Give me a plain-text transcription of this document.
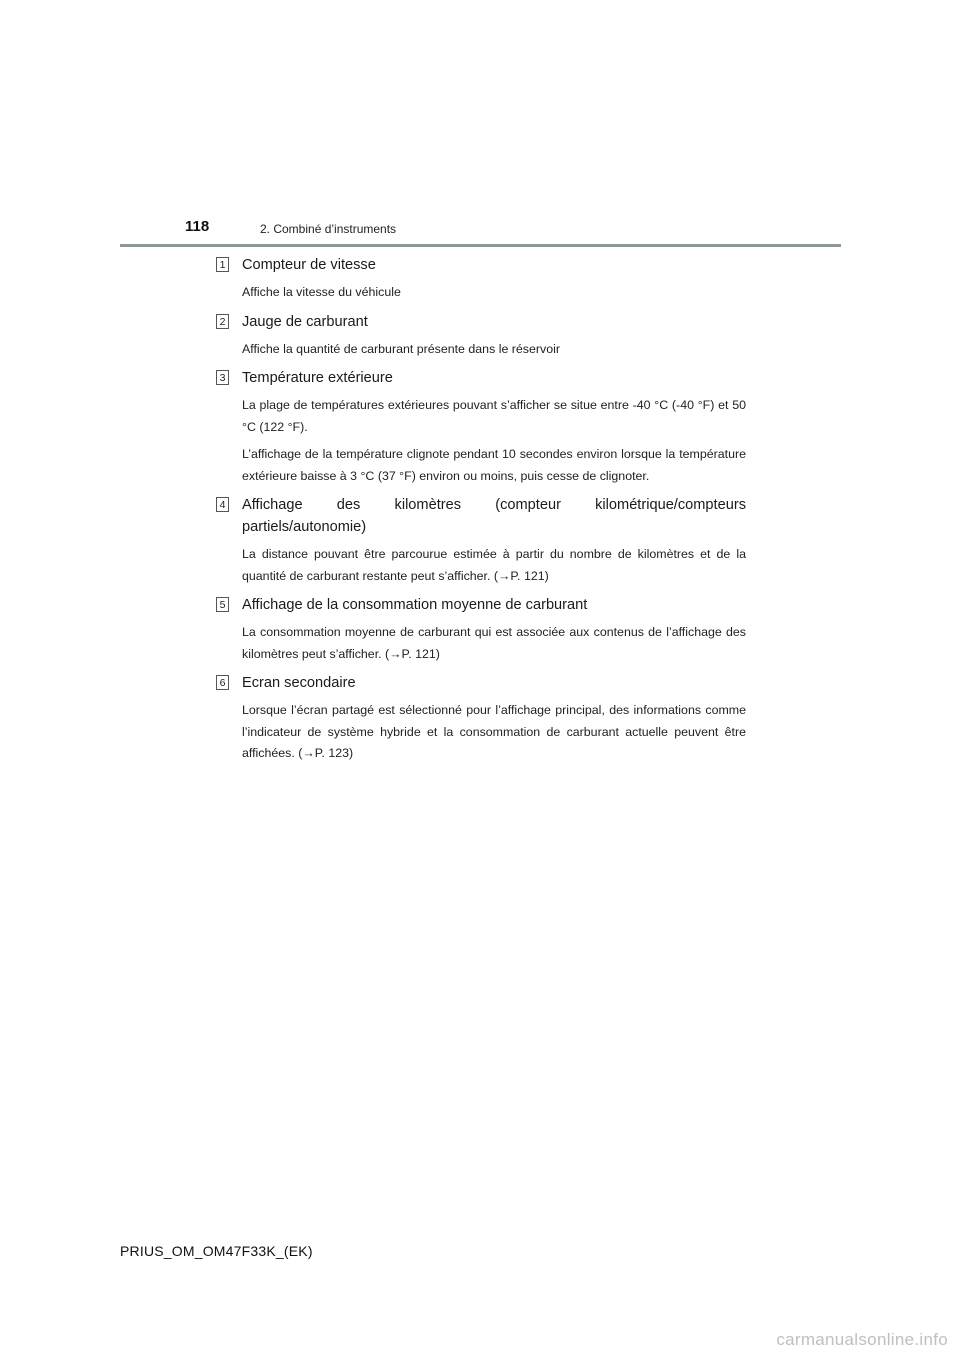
118	2. Combiné d’instruments
1 Compteur de vitesse

Affiche la vitesse du véhicule

2 Jauge de carburant

Affiche la quantité de carburant présente dans le réservoir

3 Température extérieure

La plage de températures extérieures pouvant s’afficher se situe entre -40 °C (-40 °F) et 50 °C (122 °F).

L’affichage de la température clignote pendant 10 secondes environ lorsque la température extérieure baisse à 3 °C (37 °F) environ ou moins, puis cesse de clignoter.

4 Affichage des kilomètres (compteur kilométrique/compteurs partiels/autonomie)

La distance pouvant être parcourue estimée à partir du nombre de kilomètres et de la quantité de carburant restante peut s’afficher. (→P. 121)

5 Affichage de la consommation moyenne de carburant

La consommation moyenne de carburant qui est associée aux contenus de l’affichage des kilomètres peut s’afficher. (→P. 121)

6 Ecran secondaire

Lorsque l’écran partagé est sélectionné pour l’affichage principal, des informations comme l’indicateur de système hybride et la consommation de carburant actuelle peuvent être affichées. (→P. 123)

PRIUS_OM_OM47F33K_(EK)
carmanualsonline.info
